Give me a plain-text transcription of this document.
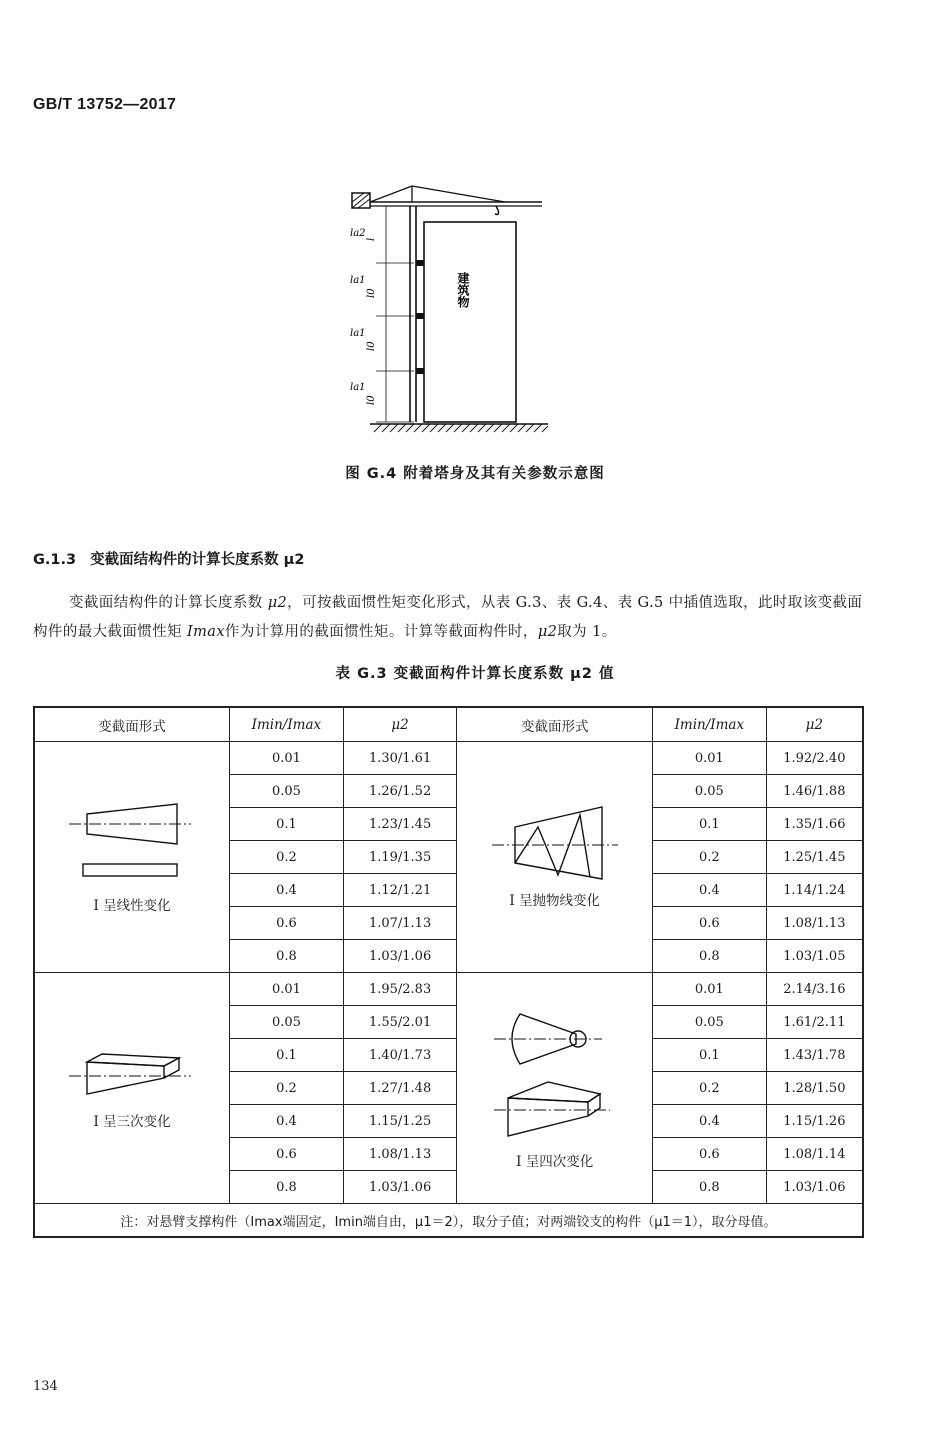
GB/T 13752—2017
la2
l
la1
l0
la1
l0
la1
l0
建筑物
图 G.4 附着塔身及其有关参数示意图
G.1.3 变截面结构件的计算长度系数 μ2
变截面结构件的计算长度系数 μ2，可按截面惯性矩变化形式，从表 G.3、表 G.4、表 G.5 中插值选取，此时取该变截面构件的最大截面惯性矩 Imax作为计算用的截面惯性矩。计算等截面构件时，μ2取为 1。
表 G.3 变截面构件计算长度系数 μ2 值
变截面形式	Imin/Imax	μ2	变截面形式	Imin/Imax	μ2

I 呈线性变化	0.01	1.30/1.61	I 呈抛物线变化	0.01	1.92/2.40
	0.05	1.26/1.52		0.05	1.46/1.88
	0.1	1.23/1.45		0.1	1.35/1.66
	0.2	1.19/1.35		0.2	1.25/1.45
	0.4	1.12/1.21		0.4	1.14/1.24
	0.6	1.07/1.13		0.6	1.08/1.13
	0.8	1.03/1.06		0.8	1.03/1.05

I 呈三次变化	0.01	1.95/2.83	I 呈四次变化	0.01	2.14/3.16
	0.05	1.55/2.01		0.05	1.61/2.11
	0.1	1.40/1.73		0.1	1.43/1.78
	0.2	1.27/1.48		0.2	1.28/1.50
	0.4	1.15/1.25		0.4	1.15/1.26
	0.6	1.08/1.13		0.6	1.08/1.14
	0.8	1.03/1.06		0.8	1.03/1.06
注：对悬臂支撑构件（Imax端固定，Imin端自由，μ1＝2），取分子值；对两端铰支的构件（μ1＝1），取分母值。					
134
